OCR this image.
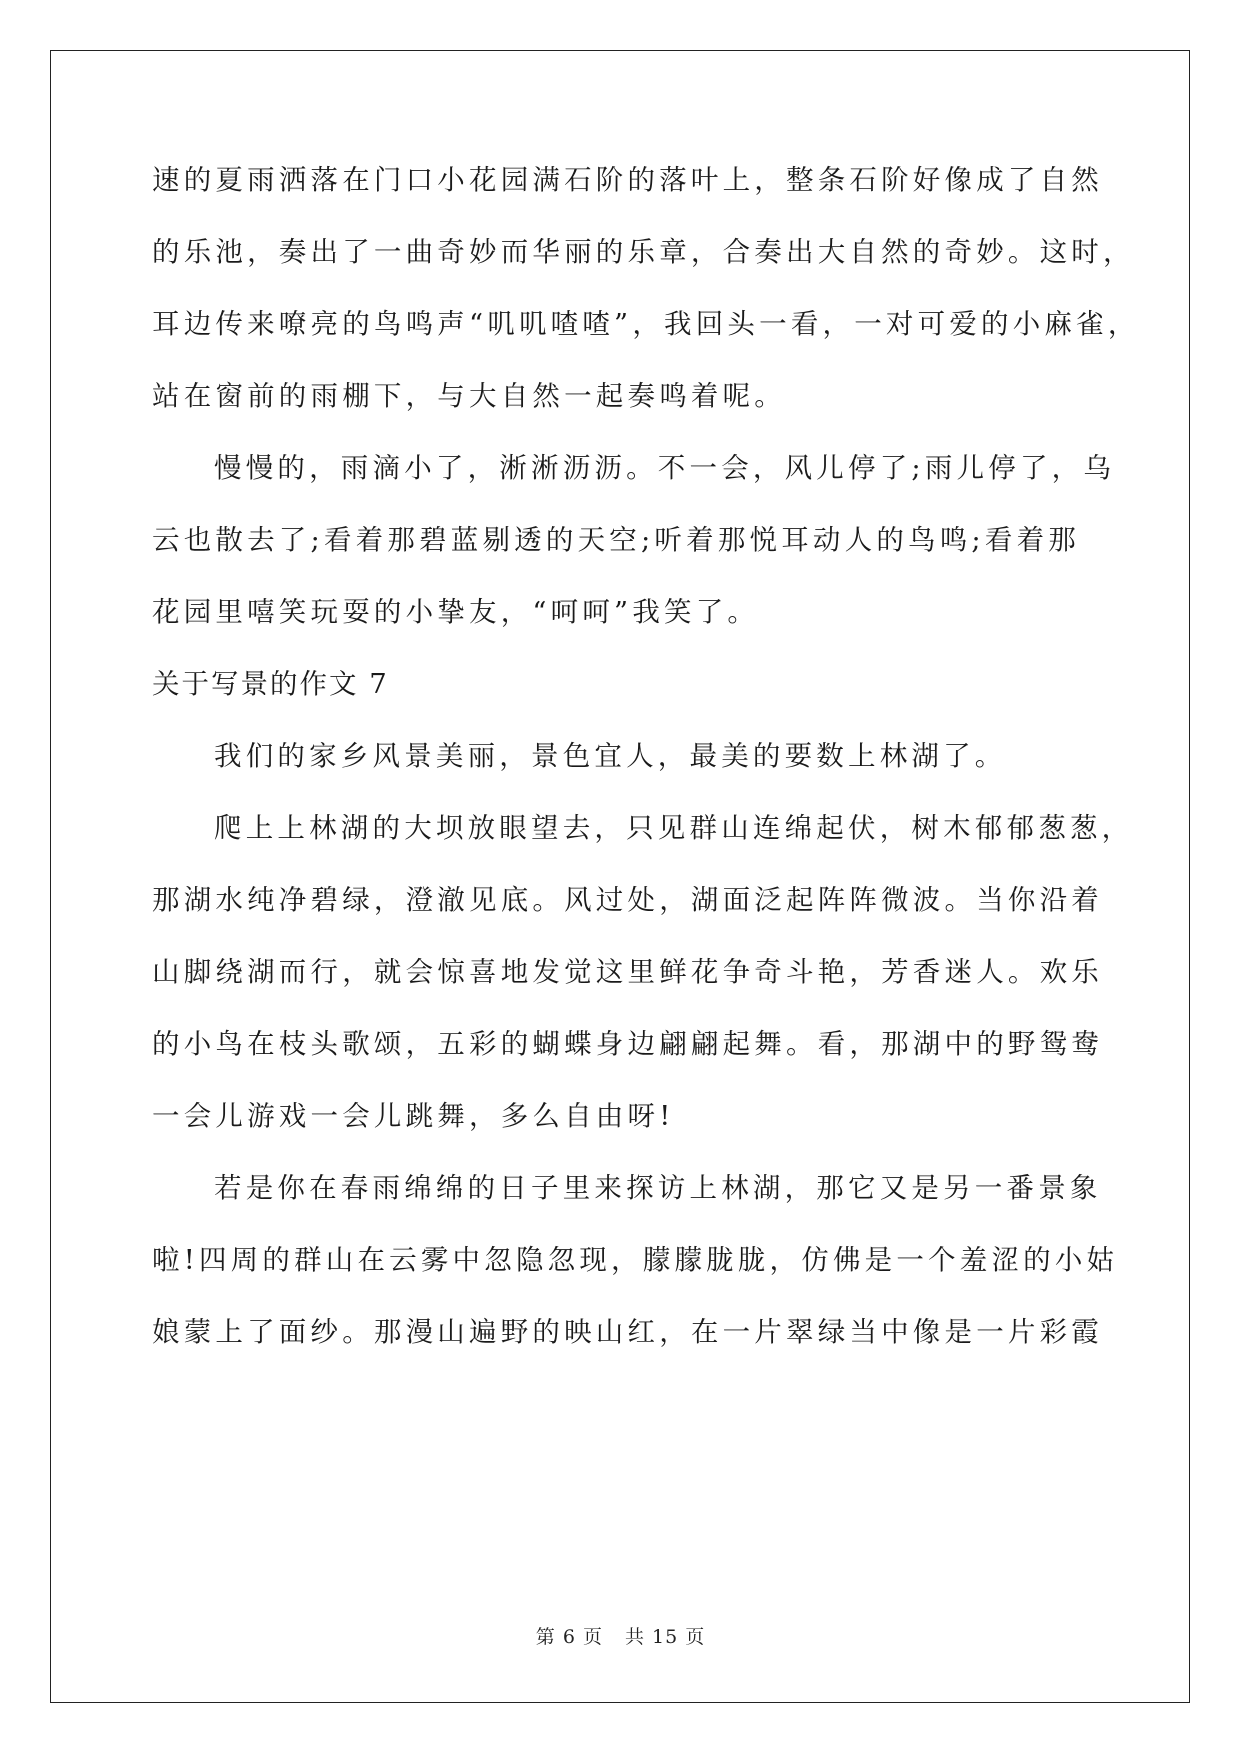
速的夏雨洒落在门口小花园满石阶的落叶上，整条石阶好像成了自然
的乐池，奏出了一曲奇妙而华丽的乐章，合奏出大自然的奇妙。这时，
耳边传来嘹亮的鸟鸣声“叽叽喳喳”，我回头一看，一对可爱的小麻雀，
站在窗前的雨棚下，与大自然一起奏鸣着呢。
慢慢的，雨滴小了，淅淅沥沥。不一会，风儿停了;雨儿停了，乌
云也散去了;看着那碧蓝剔透的天空;听着那悦耳动人的鸟鸣;看着那
花园里嘻笑玩耍的小挚友，“呵呵”我笑了。
关于写景的作文 7
我们的家乡风景美丽，景色宜人，最美的要数上林湖了。
爬上上林湖的大坝放眼望去，只见群山连绵起伏，树木郁郁葱葱，
那湖水纯净碧绿，澄澈见底。风过处，湖面泛起阵阵微波。当你沿着
山脚绕湖而行，就会惊喜地发觉这里鲜花争奇斗艳，芳香迷人。欢乐
的小鸟在枝头歌颂，五彩的蝴蝶身边翩翩起舞。看，那湖中的野鸳鸯
一会儿游戏一会儿跳舞，多么自由呀!
若是你在春雨绵绵的日子里来探访上林湖，那它又是另一番景象
啦!四周的群山在云雾中忽隐忽现，朦朦胧胧，仿佛是一个羞涩的小姑
娘蒙上了面纱。那漫山遍野的映山红，在一片翠绿当中像是一片彩霞
第 6 页 共 15 页
